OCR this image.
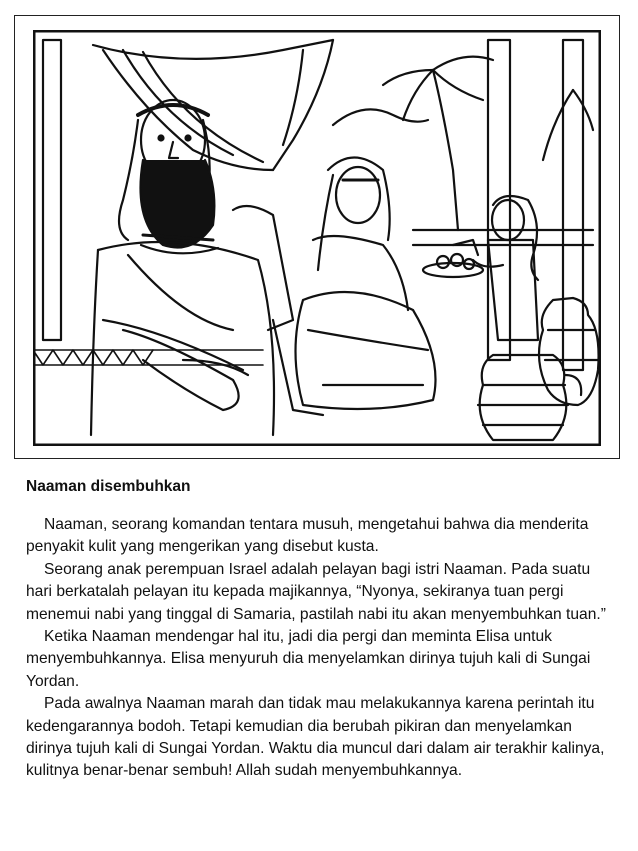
Naaman disembuhkan

Naaman, seorang komandan tentara musuh, mengetahui bahwa dia menderita penyakit kulit yang mengerikan yang disebut kusta.

Seorang anak perempuan Israel adalah pelayan bagi istri Naaman. Pada suatu hari berkatalah pelayan itu kepada majikannya, “Nyonya, sekiranya tuan pergi menemui nabi yang tinggal di Samaria, pastilah nabi itu akan menyembuhkan tuan.”

Ketika Naaman mendengar hal itu, jadi dia pergi dan meminta Elisa untuk menyembuhkannya. Elisa menyuruh dia menyelamkan dirinya tujuh kali di Sungai Yordan.

Pada awalnya Naaman marah dan tidak mau melakukannya karena perintah itu kedengarannya bodoh. Tetapi kemudian dia berubah pikiran dan menyelamkan dirinya tujuh kali di Sungai Yordan. Waktu dia muncul dari dalam air terakhir kalinya, kulitnya benar-benar sembuh! Allah sudah menyembuhkannya.
